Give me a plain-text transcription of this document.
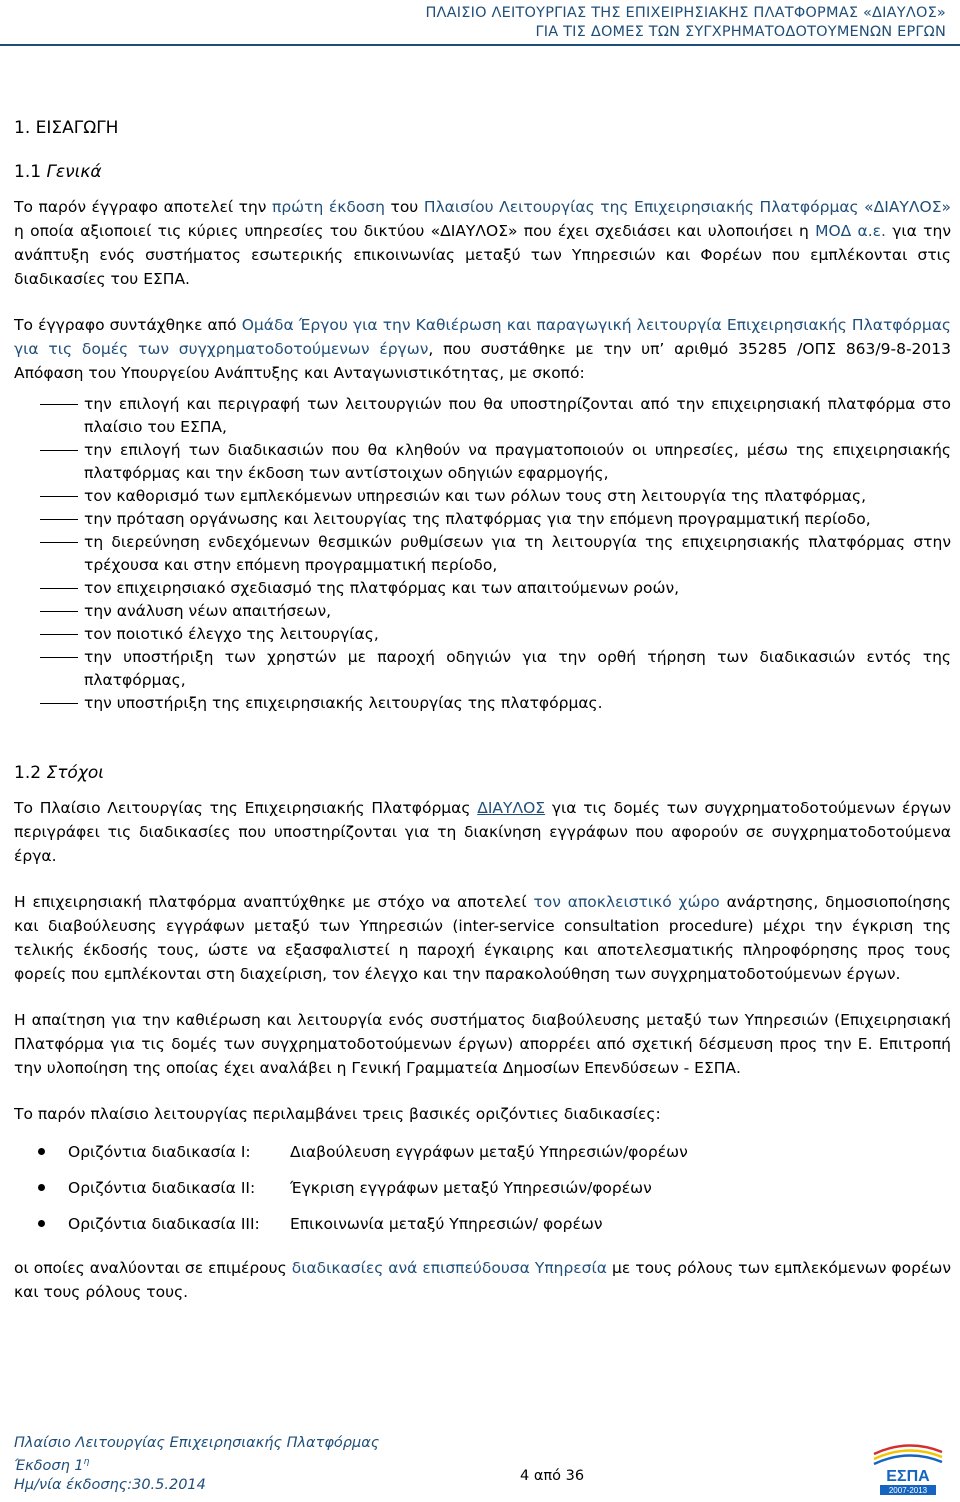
ΠΛΑΙΣΙΟ ΛΕΙΤΟΥΡΓΙΑΣ ΤΗΣ ΕΠΙΧΕΙΡΗΣΙΑΚΗΣ ΠΛΑΤΦΟΡΜΑΣ «ΔΙΑΥΛΟΣ»
ΓΙΑ ΤΙΣ ΔΟΜΕΣ ΤΩΝ ΣΥΓΧΡΗΜΑΤΟΔΟΤΟΥΜΕΝΩΝ ΕΡΓΩΝ
1. ΕΙΣΑΓΩΓΗ
1.1 Γενικά

Το παρόν έγγραφο αποτελεί την πρώτη έκδοση του Πλαισίου Λειτουργίας της Επιχειρησιακής Πλατφόρμας «ΔΙΑΥΛΟΣ» η οποία αξιοποιεί τις κύριες υπηρεσίες του δικτύου «ΔΙΑΥΛΟΣ» που έχει σχεδιάσει και υλοποιήσει η ΜΟΔ α.ε. για την ανάπτυξη ενός συστήματος εσωτερικής επικοινωνίας μεταξύ των Υπηρεσιών και Φορέων που εμπλέκονται στις διαδικασίες του ΕΣΠΑ.

Το έγγραφο συντάχθηκε από Ομάδα Έργου για την Καθιέρωση και παραγωγική λειτουργία Επιχειρησιακής Πλατφόρμας για τις δομές των συγχρηματοδοτούμενων έργων, που συστάθηκε με την υπ’ αριθμό 35285 /ΟΠΣ 863/9-8-2013 Απόφαση του Υπουργείου Ανάπτυξης και Ανταγωνιστικότητας, με σκοπό:

την επιλογή και περιγραφή των λειτουργιών που θα υποστηρίζονται από την επιχειρησιακή πλατφόρμα στο πλαίσιο του ΕΣΠΑ,
την επιλογή των διαδικασιών που θα κληθούν να πραγματοποιούν οι υπηρεσίες, μέσω της επιχειρησιακής πλατφόρμας και την έκδοση των αντίστοιχων οδηγιών εφαρμογής,
τον καθορισμό των εμπλεκόμενων υπηρεσιών και των ρόλων τους στη λειτουργία της πλατφόρμας,
την πρόταση οργάνωσης και λειτουργίας της πλατφόρμας για την επόμενη προγραμματική περίοδο,
τη διερεύνηση ενδεχόμενων θεσμικών ρυθμίσεων για τη λειτουργία της επιχειρησιακής πλατφόρμας στην τρέχουσα και στην επόμενη προγραμματική περίοδο,
τον επιχειρησιακό σχεδιασμό της πλατφόρμας και των απαιτούμενων ροών,
την ανάλυση νέων απαιτήσεων,
τον ποιοτικό έλεγχο της λειτουργίας,
την υποστήριξη των χρηστών με παροχή οδηγιών για την ορθή τήρηση των διαδικασιών εντός της πλατφόρμας,
την υποστήριξη της επιχειρησιακής λειτουργίας της πλατφόρμας.
1.2 Στόχοι

Το Πλαίσιο Λειτουργίας της Επιχειρησιακής Πλατφόρμας ΔΙΑΥΛΟΣ για τις δομές των συγχρηματοδοτούμενων έργων περιγράφει τις διαδικασίες που υποστηρίζονται για τη διακίνηση εγγράφων που αφορούν σε συγχρηματοδοτούμενα έργα.

Η επιχειρησιακή πλατφόρμα αναπτύχθηκε με στόχο να αποτελεί τον αποκλειστικό χώρο ανάρτησης, δημοσιοποίησης και διαβούλευσης εγγράφων μεταξύ των Υπηρεσιών (inter-service consultation procedure) μέχρι την έγκριση της τελικής έκδοσής τους, ώστε να εξασφαλιστεί η παροχή έγκαιρης και αποτελεσματικής πληροφόρησης προς τους φορείς που εμπλέκονται στη διαχείριση, τον έλεγχο και την παρακολούθηση των συγχρηματοδοτούμενων έργων.

Η απαίτηση για την καθιέρωση και λειτουργία ενός συστήματος διαβούλευσης μεταξύ των Υπηρεσιών (Επιχειρησιακή Πλατφόρμα για τις δομές των συγχρηματοδοτούμενων έργων) απορρέει από σχετική δέσμευση προς την Ε. Επιτροπή την υλοποίηση της οποίας έχει αναλάβει η Γενική Γραμματεία Δημοσίων Επενδύσεων - ΕΣΠΑ.

Το παρόν πλαίσιο λειτουργίας περιλαμβάνει τρεις βασικές οριζόντιες διαδικασίες:

Οριζόντια διαδικασία Ι:	Διαβούλευση εγγράφων μεταξύ Υπηρεσιών/φορέων
Οριζόντια διαδικασία ΙΙ: Έγκριση εγγράφων μεταξύ Υπηρεσιών/φορέων
Οριζόντια διαδικασία ΙΙΙ: Επικοινωνία μεταξύ Υπηρεσιών/ φορέων

οι οποίες αναλύονται σε επιμέρους διαδικασίες ανά επισπεύδουσα Υπηρεσία με τους ρόλους των εμπλεκόμενων φορέων και τους ρόλους τους.

Πλαίσιο Λειτουργίας Επιχειρησιακής Πλατφόρμας
Έκδοση $1^\eta$
Ημ/νία έκδοσης:30.5.2014
4 από 36	ΕΣΠΑ
2007-2013
